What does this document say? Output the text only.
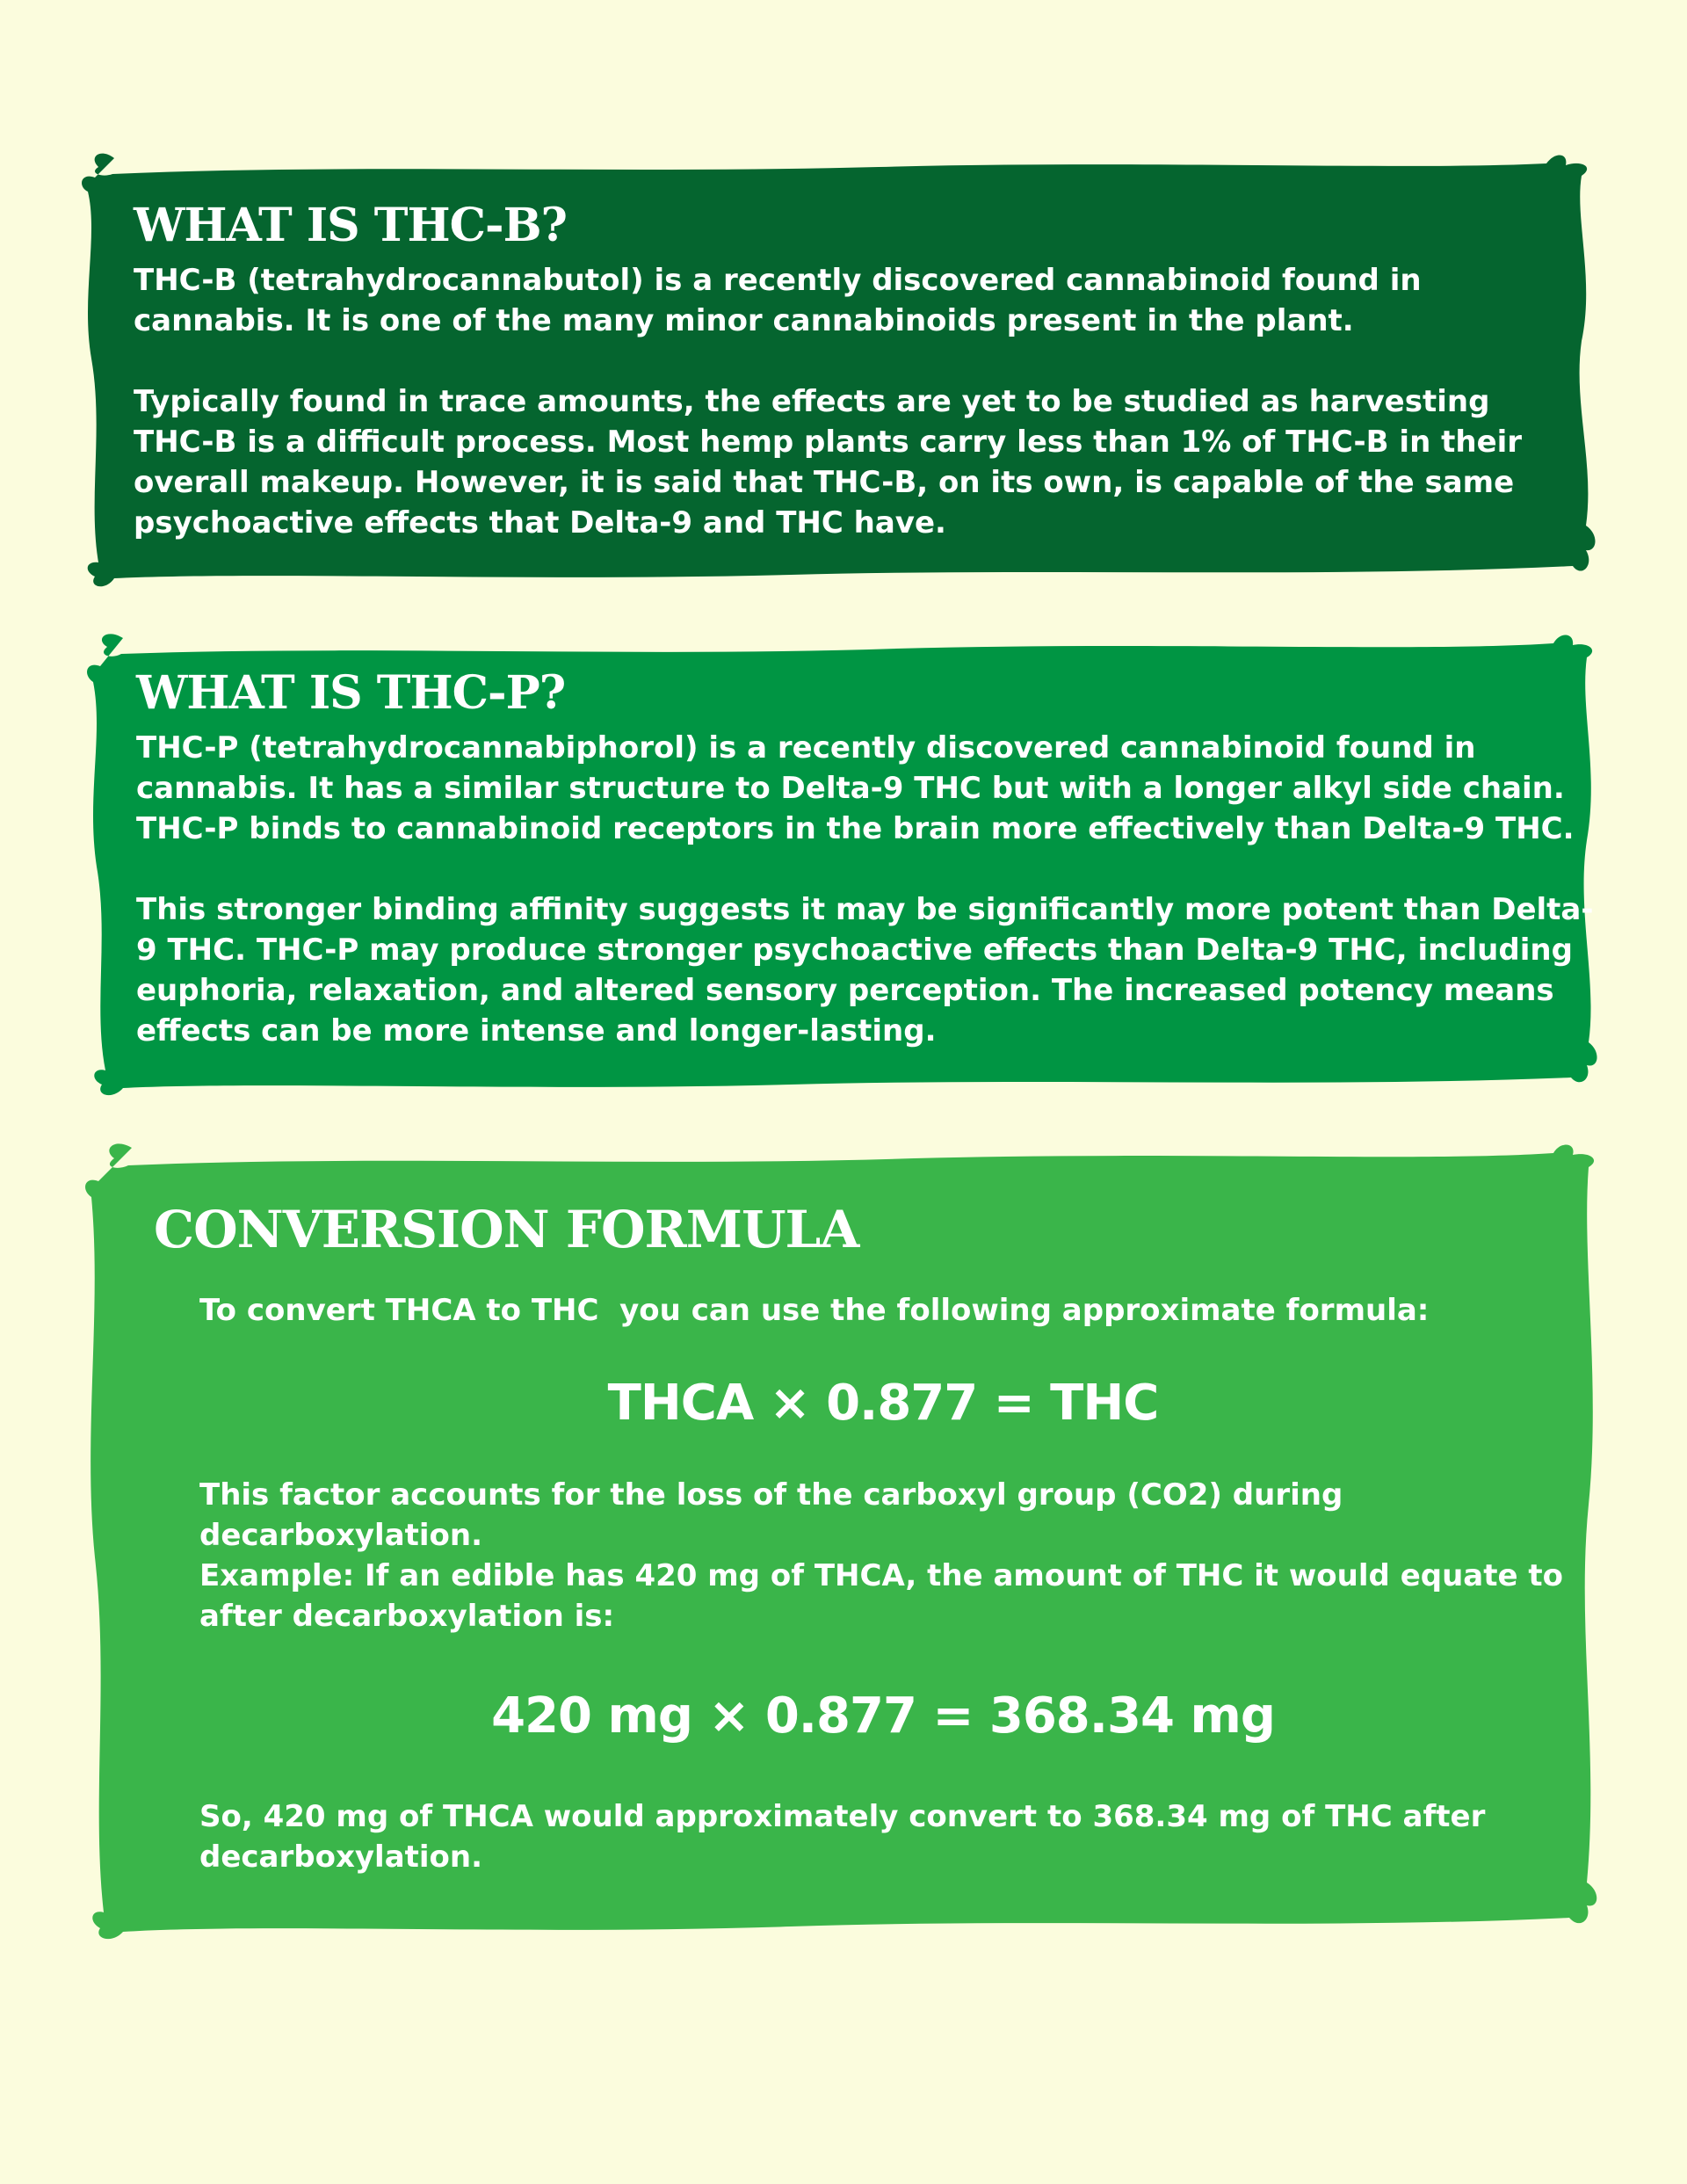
WHAT IS THC-B?

THC-B (tetrahydrocannabutol) is a recently discovered cannabinoid found in cannabis. It is one of the many minor cannabinoids present in the plant.

Typically found in trace amounts, the effects are yet to be studied as harvesting THC-B is a difficult process. Most hemp plants carry less than 1% of THC-B in their overall makeup. However, it is said that THC-B, on its own, is capable of the same psychoactive effects that Delta-9 and THC have.

WHAT IS THC-P?

THC-P (tetrahydrocannabiphorol) is a recently discovered cannabinoid found in cannabis. It has a similar structure to Delta-9 THC but with a longer alkyl side chain. THC-P binds to cannabinoid receptors in the brain more effectively than Delta-9 THC.

This stronger binding affinity suggests it may be significantly more potent than Delta-9 THC. THC-P may produce stronger psychoactive effects than Delta-9 THC, including euphoria, relaxation, and altered sensory perception. The increased potency means effects can be more intense and longer-lasting.

CONVERSION FORMULA

To convert THCA to THC  you can use the following approximate formula:

THCA × 0.877 = THC

This factor accounts for the loss of the carboxyl group (CO2) during decarboxylation.

Example: If an edible has 420 mg of THCA, the amount of THC it would equate to after decarboxylation is:

420 mg × 0.877 = 368.34 mg

So, 420 mg of THCA would approximately convert to 368.34 mg of THC after decarboxylation.
